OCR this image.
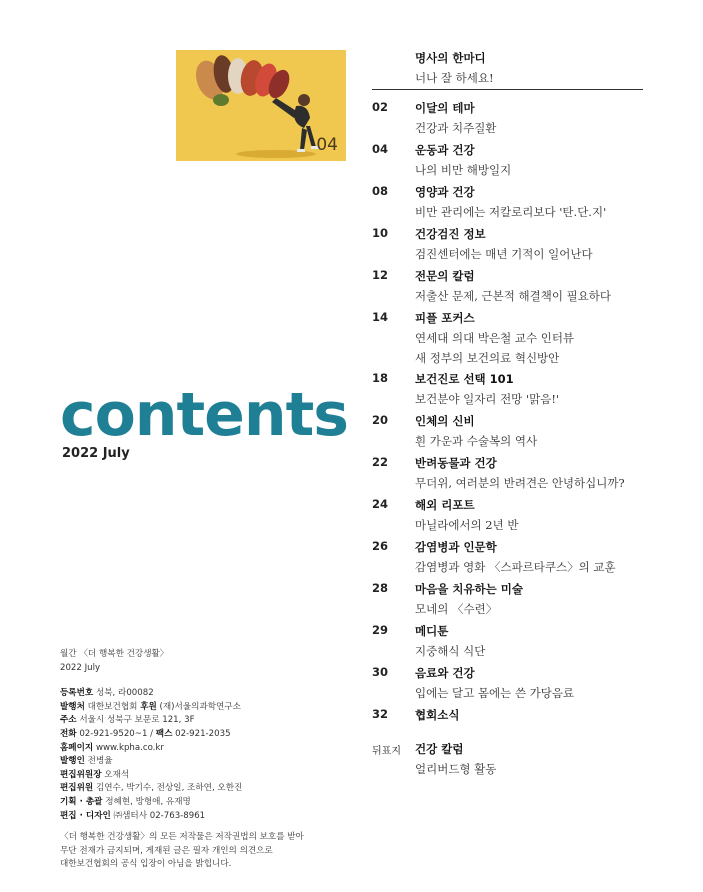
04
contents
2022 July
월간 〈더 행복한 건강생활〉
2022 July
등록번호 성북, 라00082
발행처 대한보건협회 후원 (재)서울의과학연구소
주소 서울시 성북구 보문로 121, 3F
전화 02-921-9520~1 / 팩스 02-921-2035
홈페이지 www.kpha.co.kr
발행인 전병율
편집위원장 오재석
편집위원 김연수, 박기수, 전상일, 조하연, 오한진
기획 · 총괄 정혜현, 방형애, 유재명
편집 · 디자인 ㈜샘터사 02-763-8961
〈더 행복한 건강생활〉의 모든 저작물은 저작권법의 보호를 받아
무단 전재가 금지되며, 게재된 글은 필자 개인의 의견으로
대한보건협회의 공식 입장이 아님을 밝힙니다.
명사의 한마디
너나 잘 하세요!
02	이달의 테마
건강과 치주질환
04	운동과 건강
나의 비만 해방일지
08	영양과 건강
비만 관리에는 저칼로리보다 '탄.단.지'
10	건강검진 정보
검진센터에는 매년 기적이 일어난다
12	전문의 칼럼
저출산 문제, 근본적 해결책이 필요하다
14	피플 포커스
연세대 의대 박은철 교수 인터뷰
새 정부의 보건의료 혁신방안
18	보건진로 선택 101
보건분야 일자리 전망 '맑음!'
20	인체의 신비
흰 가운과 수술복의 역사
22	반려동물과 건강
무더위, 여러분의 반려견은 안녕하십니까?
24	해외 리포트
마닐라에서의 2년 반
26	감염병과 인문학
감염병과 영화 〈스파르타쿠스〉의 교훈
28	마음을 치유하는 미술
모네의 〈수련〉
29	메디툰
지중해식 식단
30	음료와 건강
입에는 달고 몸에는 쓴 가당음료
32	협회소식
뒤표지	건강 칼럼
얼리버드형 활동
